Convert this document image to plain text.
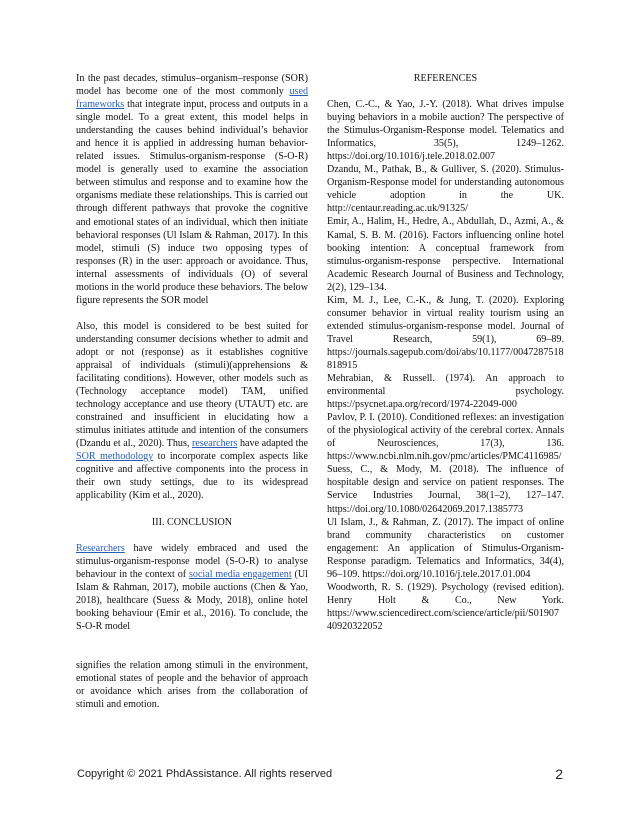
In the past decades, stimulus–organism–response (SOR) model has become one of the most commonly used frameworks that integrate input, process and outputs in a single model. To a great extent, this model helps in understanding the causes behind individual’s behavior and hence it is applied in addressing human behavior-related issues. Stimulus-organism-response (S-O-R) model is generally used to examine the association between stimulus and response and to examine how the organisms mediate these relationships. This is carried out through different pathways that provoke the cognitive and emotional states of an individual, which then initiate behavioral responses (Ul Islam & Rahman, 2017). In this model, stimuli (S) induce two opposing types of responses (R) in the user: approach or avoidance. Thus, internal assessments of individuals (O) of several motions in the world produce these behaviors. The below figure represents the SOR model

Also, this model is considered to be best suited for understanding consumer decisions whether to admit and adopt or not (response) as it establishes cognitive appraisal of individuals (stimuli)(apprehensions & facilitating conditions). However, other models such as (Technology acceptance model) TAM, unified technology acceptance and use theory (UTAUT) etc. are constrained and insufficient in elucidating how a stimulus initiates attitude and intention of the consumers (Dzandu et al., 2020). Thus, researchers have adapted the SOR methodology to incorporate complex aspects like cognitive and affective components into the process in their own study settings, due to its widespread applicability (Kim et al., 2020).

III. CONCLUSION

Researchers have widely embraced and used the stimulus-organism-response model (S-O-R) to analyse behaviour in the context of social media engagement (Ul Islam & Rahman, 2017), mobile auctions (Chen & Yao, 2018), healthcare (Suess & Mody, 2018), online hotel booking behaviour (Emir et al., 2016). To conclude, the S-O-R model

signifies the relation among stimuli in the environment, emotional states of people and the behavior of approach or avoidance which arises from the collaboration of stimuli and emotion.

REFERENCES

Chen, C.-C., & Yao, J.-Y. (2018). What drives impulse buying behaviors in a mobile auction? The perspective of the Stimulus-Organism-Response model. Telematics and Informatics, 35(5), 1249–1262. https://doi.org/10.1016/j.tele.2018.02.007

Dzandu, M., Pathak, B., & Gulliver, S. (2020). Stimulus-Organism-Response model for understanding autonomous vehicle adoption in the UK. http://centaur.reading.ac.uk/91325/

Emir, A., Halim, H., Hedre, A., Abdullah, D., Azmi, A., & Kamal, S. B. M. (2016). Factors influencing online hotel booking intention: A conceptual framework from stimulus-organism-response perspective. International Academic Research Journal of Business and Technology, 2(2), 129–134.

Kim, M. J., Lee, C.-K., & Jung, T. (2020). Exploring consumer behavior in virtual reality tourism using an extended stimulus-organism-response model. Journal of Travel Research, 59(1), 69–89. https://journals.sagepub.com/doi/abs/10.1177/0047287518818915

Mehrabian, & Russell. (1974). An approach to environmental psychology. https://psycnet.apa.org/record/1974-22049-000

Pavlov, P. I. (2010). Conditioned reflexes: an investigation of the physiological activity of the cerebral cortex. Annals of Neurosciences, 17(3), 136. https://www.ncbi.nlm.nih.gov/pmc/articles/PMC4116985/

Suess, C., & Mody, M. (2018). The influence of hospitable design and service on patient responses. The Service Industries Journal, 38(1–2), 127–147. https://doi.org/10.1080/02642069.2017.1385773

Ul Islam, J., & Rahman, Z. (2017). The impact of online brand community characteristics on customer engagement: An application of Stimulus-Organism-Response paradigm. Telematics and Informatics, 34(4), 96–109. https://doi.org/10.1016/j.tele.2017.01.004

Woodworth, R. S. (1929). Psychology (revised edition). Henry Holt & Co., New York. https://www.sciencedirect.com/science/article/pii/S0190740920322052

Copyright © 2021 PhdAssistance. All rights reserved	2
